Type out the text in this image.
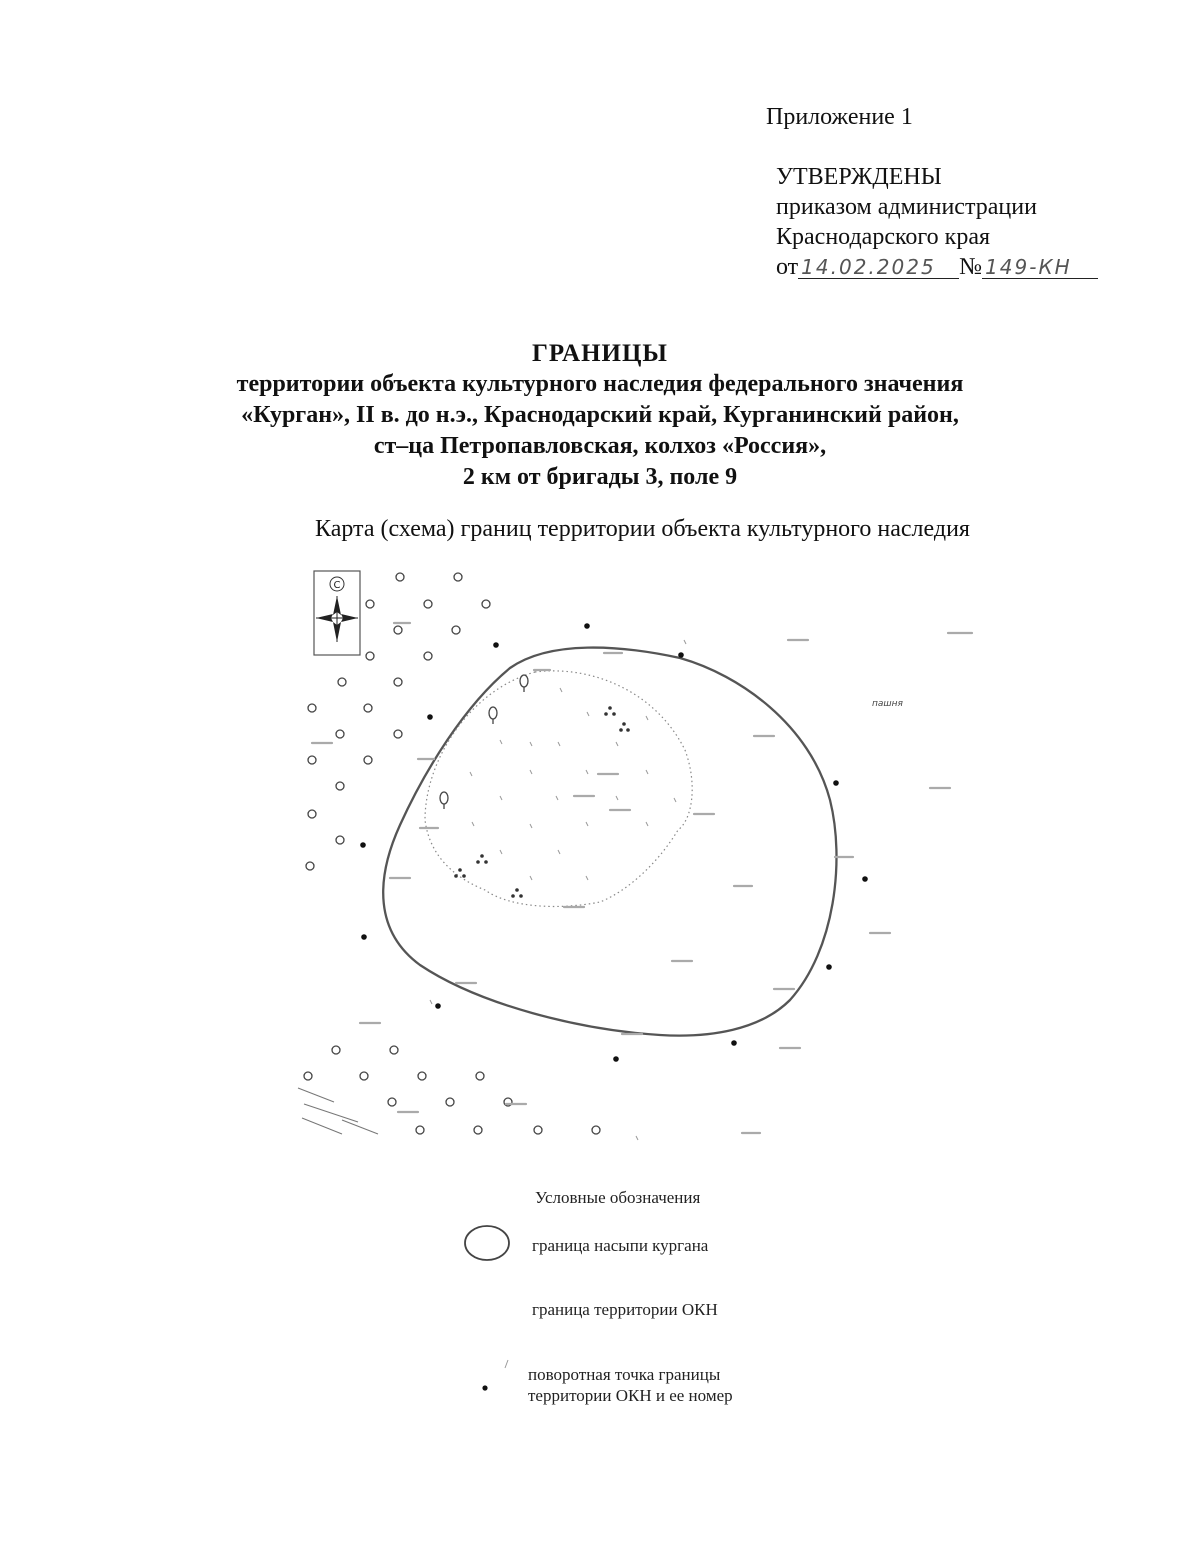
Приложение 1
УТВЕРЖДЕНЫ
приказом администрации
Краснодарского края
от 14.02.2025 № 149-КН
ГРАНИЦЫ
территории объекта культурного наследия федерального значения
«Курган», II в. до н.э., Краснодарский край, Курганинский район,
ст–ца Петропавловская, колхоз «Россия»,
2 км от бригады 3, поле 9
Карта (схема) границ территории объекта культурного наследия
С
пашня
Условные обозначения
граница насыпи кургана
граница территории ОКН
поворотная точка границы
территории ОКН и ее номер
